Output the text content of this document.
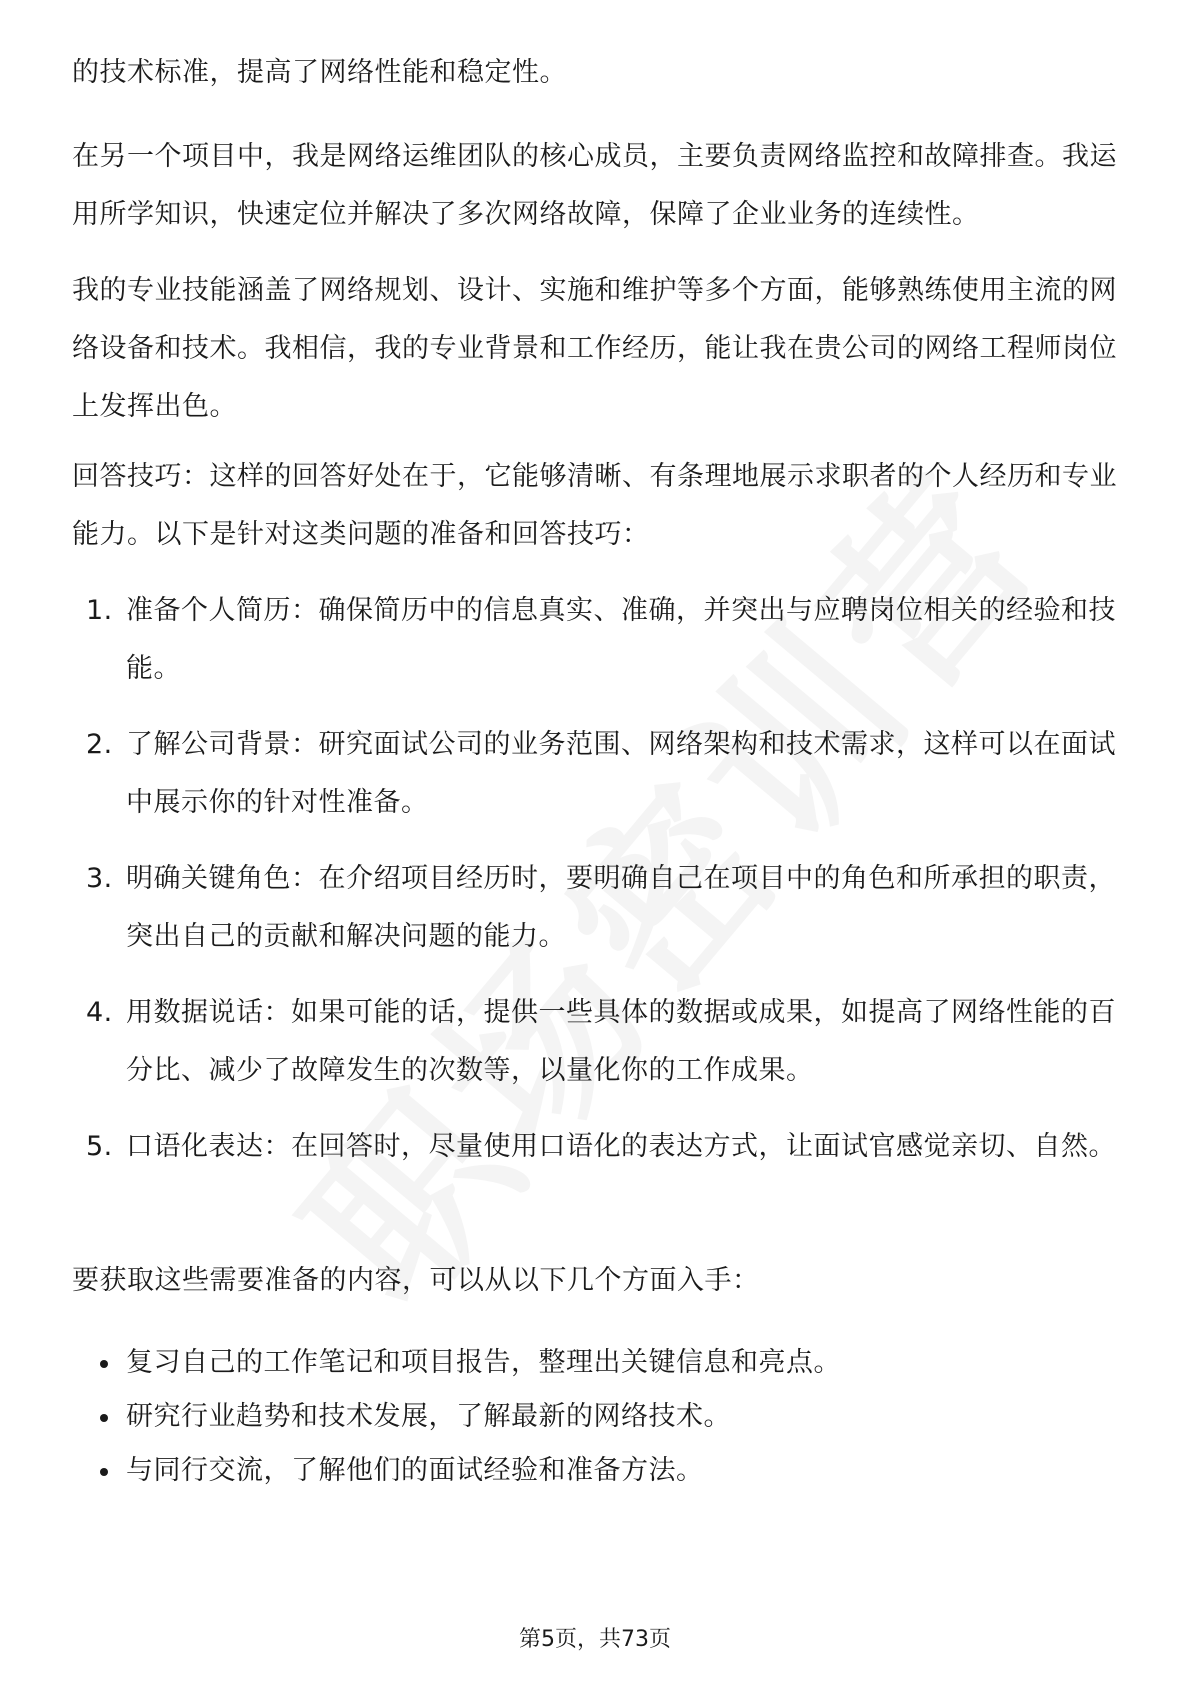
的技术标准，提高了网络性能和稳定性。

在另一个项目中，我是网络运维团队的核心成员，主要负责网络监控和故障排查。我运用所学知识，快速定位并解决了多次网络故障，保障了企业业务的连续性。

我的专业技能涵盖了网络规划、设计、实施和维护等多个方面，能够熟练使用主流的网络设备和技术。我相信，我的专业背景和工作经历，能让我在贵公司的网络工程师岗位上发挥出色。

回答技巧：这样的回答好处在于，它能够清晰、有条理地展示求职者的个人经历和专业能力。以下是针对这类问题的准备和回答技巧：

1. 准备个人简历：确保简历中的信息真实、准确，并突出与应聘岗位相关的经验和技能。
2. 了解公司背景：研究面试公司的业务范围、网络架构和技术需求，这样可以在面试中展示你的针对性准备。
3. 明确关键角色：在介绍项目经历时，要明确自己在项目中的角色和所承担的职责，突出自己的贡献和解决问题的能力。
4. 用数据说话：如果可能的话，提供一些具体的数据或成果，如提高了网络性能的百分比、减少了故障发生的次数等，以量化你的工作成果。
5. 口语化表达：在回答时，尽量使用口语化的表达方式，让面试官感觉亲切、自然。

要获取这些需要准备的内容，可以从以下几个方面入手：

复习自己的工作笔记和项目报告，整理出关键信息和亮点。
研究行业趋势和技术发展，了解最新的网络技术。
与同行交流，了解他们的面试经验和准备方法。
第5页，共73页
